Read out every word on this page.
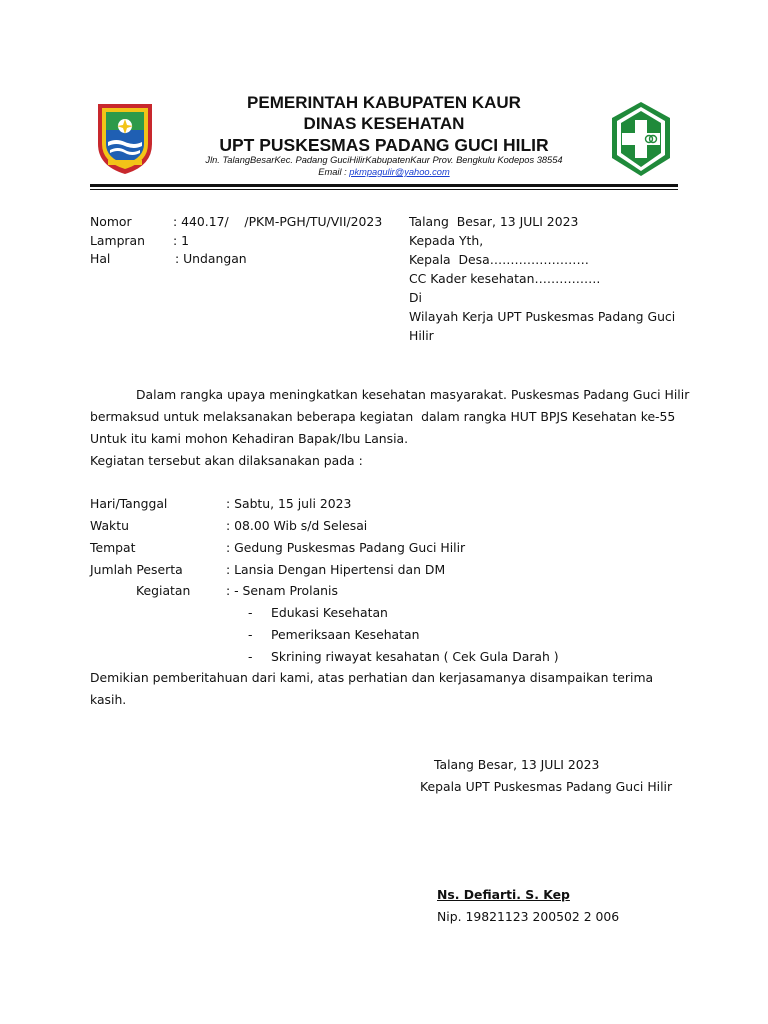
PEMERINTAH KABUPATEN KAUR
DINAS KESEHATAN
UPT PUSKESMAS PADANG GUCI HILIR
Jln. TalangBesarKec. Padang GuciHilirKabupatenKaur Prov. Bengkulu Kodepos 38554
Email : pkmpagulir@yahoo.com
Nomor	: 440.17/    /PKM-PGH/TU/VII/2023
Lampran : 1
Hal	: Undangan
Talang  Besar, 13 JULI 2023
Kepada Yth,
Kepala  Desa……………………
CC Kader kesehatan…………….
Di
Wilayah Kerja UPT Puskesmas Padang Guci
Hilir
Dalam rangka upaya meningkatkan kesehatan masyarakat. Puskesmas Padang Guci Hilir
bermaksud untuk melaksanakan beberapa kegiatan  dalam rangka HUT BPJS Kesehatan ke-55
Untuk itu kami mohon Kehadiran Bapak/Ibu Lansia.
Kegiatan tersebut akan dilaksanakan pada :
Hari/Tanggal	: Sabtu, 15 juli 2023
Waktu	: 08.00 Wib s/d Selesai
Tempat	: Gedung Puskesmas Padang Guci Hilir
Jumlah Peserta	: Lansia Dengan Hipertensi dan DM
Kegiatan	: - Senam Prolanis
- Edukasi Kesehatan
- Pemeriksaan Kesehatan
- Skrining riwayat kesahatan ( Cek Gula Darah )
Demikian pemberitahuan dari kami, atas perhatian dan kerjasamanya disampaikan terima
kasih.
Talang Besar, 13 JULI 2023
Kepala UPT Puskesmas Padang Guci Hilir
Ns. Defiarti. S. Kep
Nip. 19821123 200502 2 006
